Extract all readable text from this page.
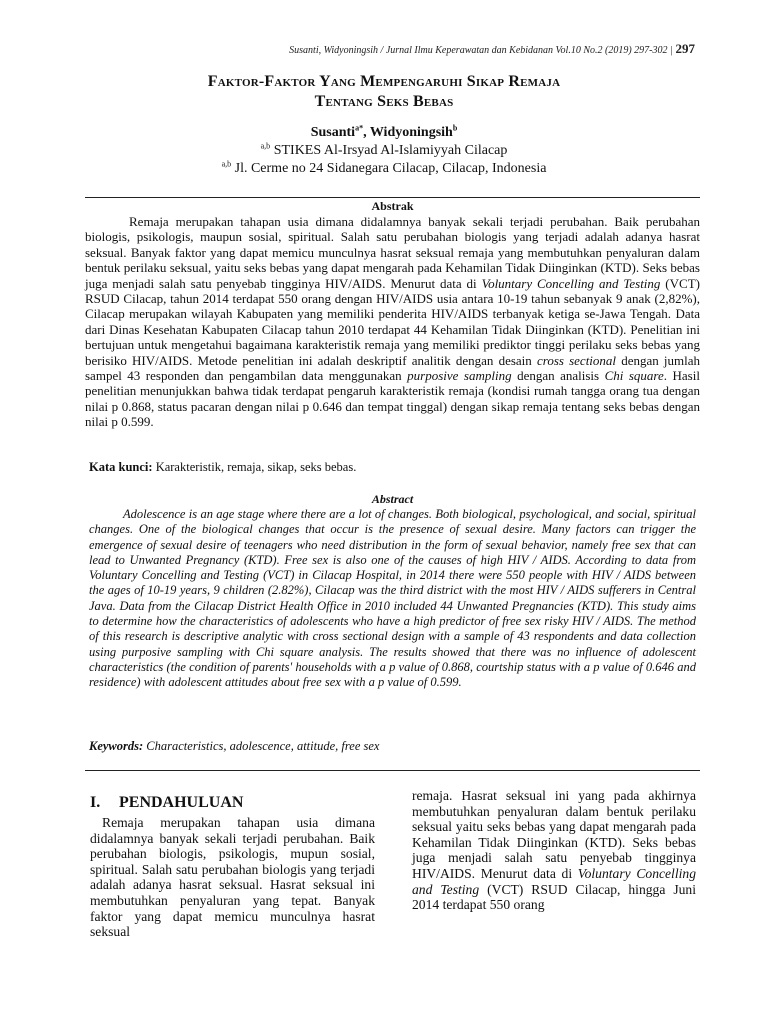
Susanti, Widyoningsih / Jurnal Ilmu Keperawatan dan Kebidanan Vol.10 No.2 (2019) 297-302 | 297
Faktor-Faktor Yang Mempengaruhi Sikap Remaja
Tentang Seks Bebas
Susanti$^{a*}$, Widyoningsih$^b$
$^{a,b}$ STIKES Al-Irsyad Al-Islamiyyah Cilacap
$^{a,b}$ Jl. Cerme no 24 Sidanegara Cilacap, Cilacap, Indonesia
Abstrak
Remaja merupakan tahapan usia dimana didalamnya banyak sekali terjadi perubahan. Baik perubahan biologis, psikologis, maupun sosial, spiritual. Salah satu perubahan biologis yang terjadi adalah adanya hasrat seksual. Banyak faktor yang dapat memicu munculnya hasrat seksual remaja yang membutuhkan penyaluran dalam bentuk perilaku seksual, yaitu seks bebas yang dapat mengarah pada Kehamilan Tidak Diinginkan (KTD). Seks bebas juga menjadi salah satu penyebab tingginya HIV/AIDS. Menurut data di Voluntary Concelling and Testing (VCT) RSUD Cilacap, tahun 2014 terdapat 550 orang dengan HIV/AIDS usia antara 10-19 tahun sebanyak 9 anak (2,82%), Cilacap merupakan wilayah Kabupaten yang memiliki penderita HIV/AIDS terbanyak ketiga se-Jawa Tengah. Data dari Dinas Kesehatan Kabupaten Cilacap tahun 2010 terdapat 44 Kehamilan Tidak Diinginkan (KTD). Penelitian ini bertujuan untuk mengetahui bagaimana karakteristik remaja yang memiliki prediktor tinggi perilaku seks bebas yang berisiko HIV/AIDS. Metode penelitian ini adalah deskriptif analitik dengan desain cross sectional dengan jumlah sampel 43 responden dan pengambilan data menggunakan purposive sampling dengan analisis Chi square. Hasil penelitian menunjukkan bahwa tidak terdapat pengaruh karakteristik remaja (kondisi rumah tangga orang tua dengan nilai p 0.868, status pacaran dengan nilai p 0.646 dan tempat tinggal) dengan sikap remaja tentang seks bebas dengan nilai p 0.599.
Kata kunci: Karakteristik, remaja, sikap, seks bebas.
Abstract
Adolescence is an age stage where there are a lot of changes. Both biological, psychological, and social, spiritual changes. One of the biological changes that occur is the presence of sexual desire. Many factors can trigger the emergence of sexual desire of teenagers who need distribution in the form of sexual behavior, namely free sex that can lead to Unwanted Pregnancy (KTD). Free sex is also one of the causes of high HIV / AIDS. According to data from Voluntary Concelling and Testing (VCT) in Cilacap Hospital, in 2014 there were 550 people with HIV / AIDS between the ages of 10-19 years, 9 children (2.82%), Cilacap was the third district with the most HIV / AIDS sufferers in Central Java. Data from the Cilacap District Health Office in 2010 included 44 Unwanted Pregnancies (KTD). This study aims to determine how the characteristics of adolescents who have a high predictor of free sex risky HIV / AIDS. The method of this research is descriptive analytic with cross sectional design with a sample of 43 respondents and data collection using purposive sampling with Chi square analysis. The results showed that there was no influence of adolescent characteristics (the condition of parents' households with a p value of 0.868, courtship status with a p value of 0.646 and residence) with adolescent attitudes about free sex with a p value of 0.599.
Keywords: Characteristics, adolescence, attitude, free sex
I. PENDAHULUAN
Remaja merupakan tahapan usia dimana didalamnya banyak sekali terjadi perubahan. Baik perubahan biologis, psikologis, mupun sosial, spiritual. Salah satu perubahan biologis yang terjadi adalah adanya hasrat seksual. Hasrat seksual ini membutuhkan penyaluran yang tepat. Banyak faktor yang dapat memicu munculnya hasrat seksual
remaja. Hasrat seksual ini yang pada akhirnya membutuhkan penyaluran dalam bentuk perilaku seksual yaitu seks bebas yang dapat mengarah pada Kehamilan Tidak Diinginkan (KTD). Seks bebas juga menjadi salah satu penyebab tingginya HIV/AIDS. Menurut data di Voluntary Concelling and Testing (VCT) RSUD Cilacap, hingga Juni 2014 terdapat 550 orang
